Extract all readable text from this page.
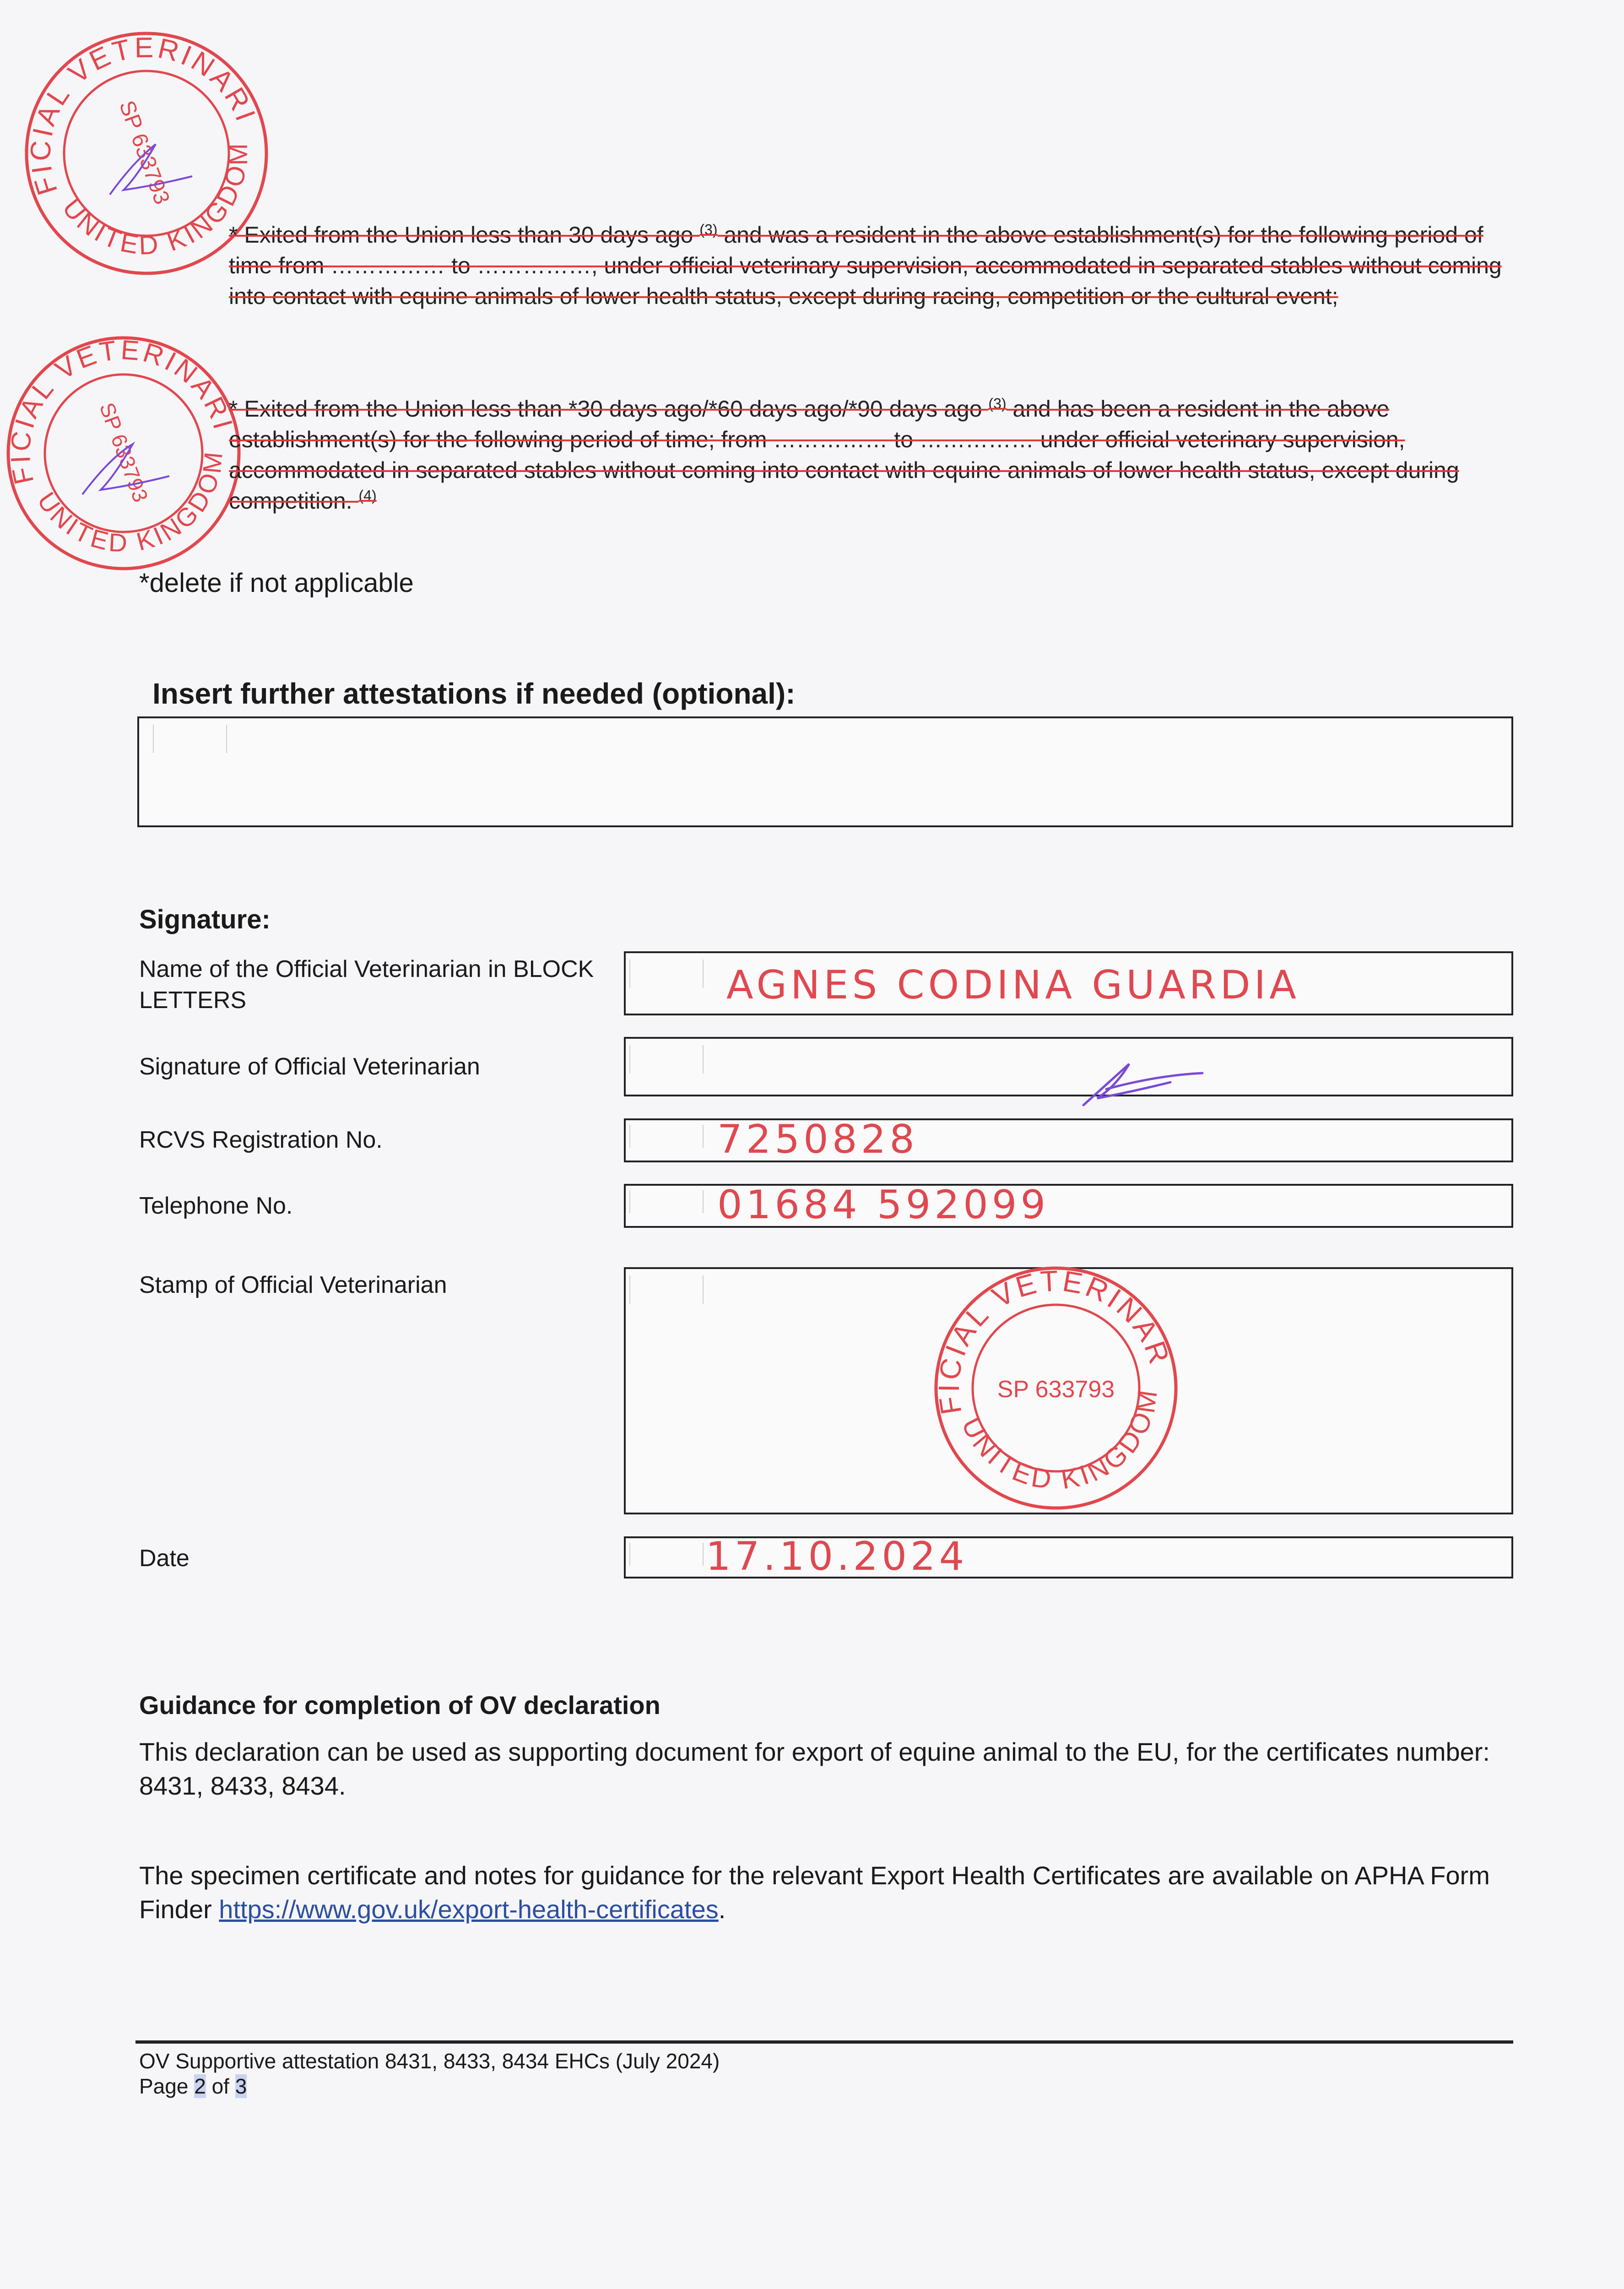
OFFICIAL VETERINARIAN
UNITED KINGDOM
SP 633793
OFFICIAL VETERINARIAN
UNITED KINGDOM
SP 633793
* Exited from the Union less than 30 days ago $^{(3)}$ and was a resident in the above establishment(s) for the following period of time from …………… to ……………, under official veterinary supervision, accommodated in separated stables without coming into contact with equine animals of lower health status, except during racing, competition or the cultural event;
* Exited from the Union less than *30 days ago/*60 days ago/*90 days ago $^{(3)}$ and has been a resident in the above establishment(s) for the following period of time; from …………… to …………… under official veterinary supervision, accommodated in separated stables without coming into contact with equine animals of lower health status, except during competition. $^{(4)}$
*delete if not applicable
Insert further attestations if needed (optional):
Signature:
Name of the Official Veterinarian in BLOCK LETTERS	AGNES CODINA GUARDIA
Signature of Official Veterinarian
RCVS Registration No.	7250828
Telephone No.	01684 592099
Stamp of Official Veterinarian	OFFICIAL VETERINARIAN
UNITED KINGDOM
SP 633793
Date	17.10.2024
Guidance for completion of OV declaration
This declaration can be used as supporting document for export of equine animal to the EU, for the certificates number: 8431, 8433, 8434.
The specimen certificate and notes for guidance for the relevant Export Health Certificates are available on APHA Form Finder https://www.gov.uk/export-health-certificates.
OV Supportive attestation 8431, 8433, 8434 EHCs (July 2024)
Page 2 of 3
